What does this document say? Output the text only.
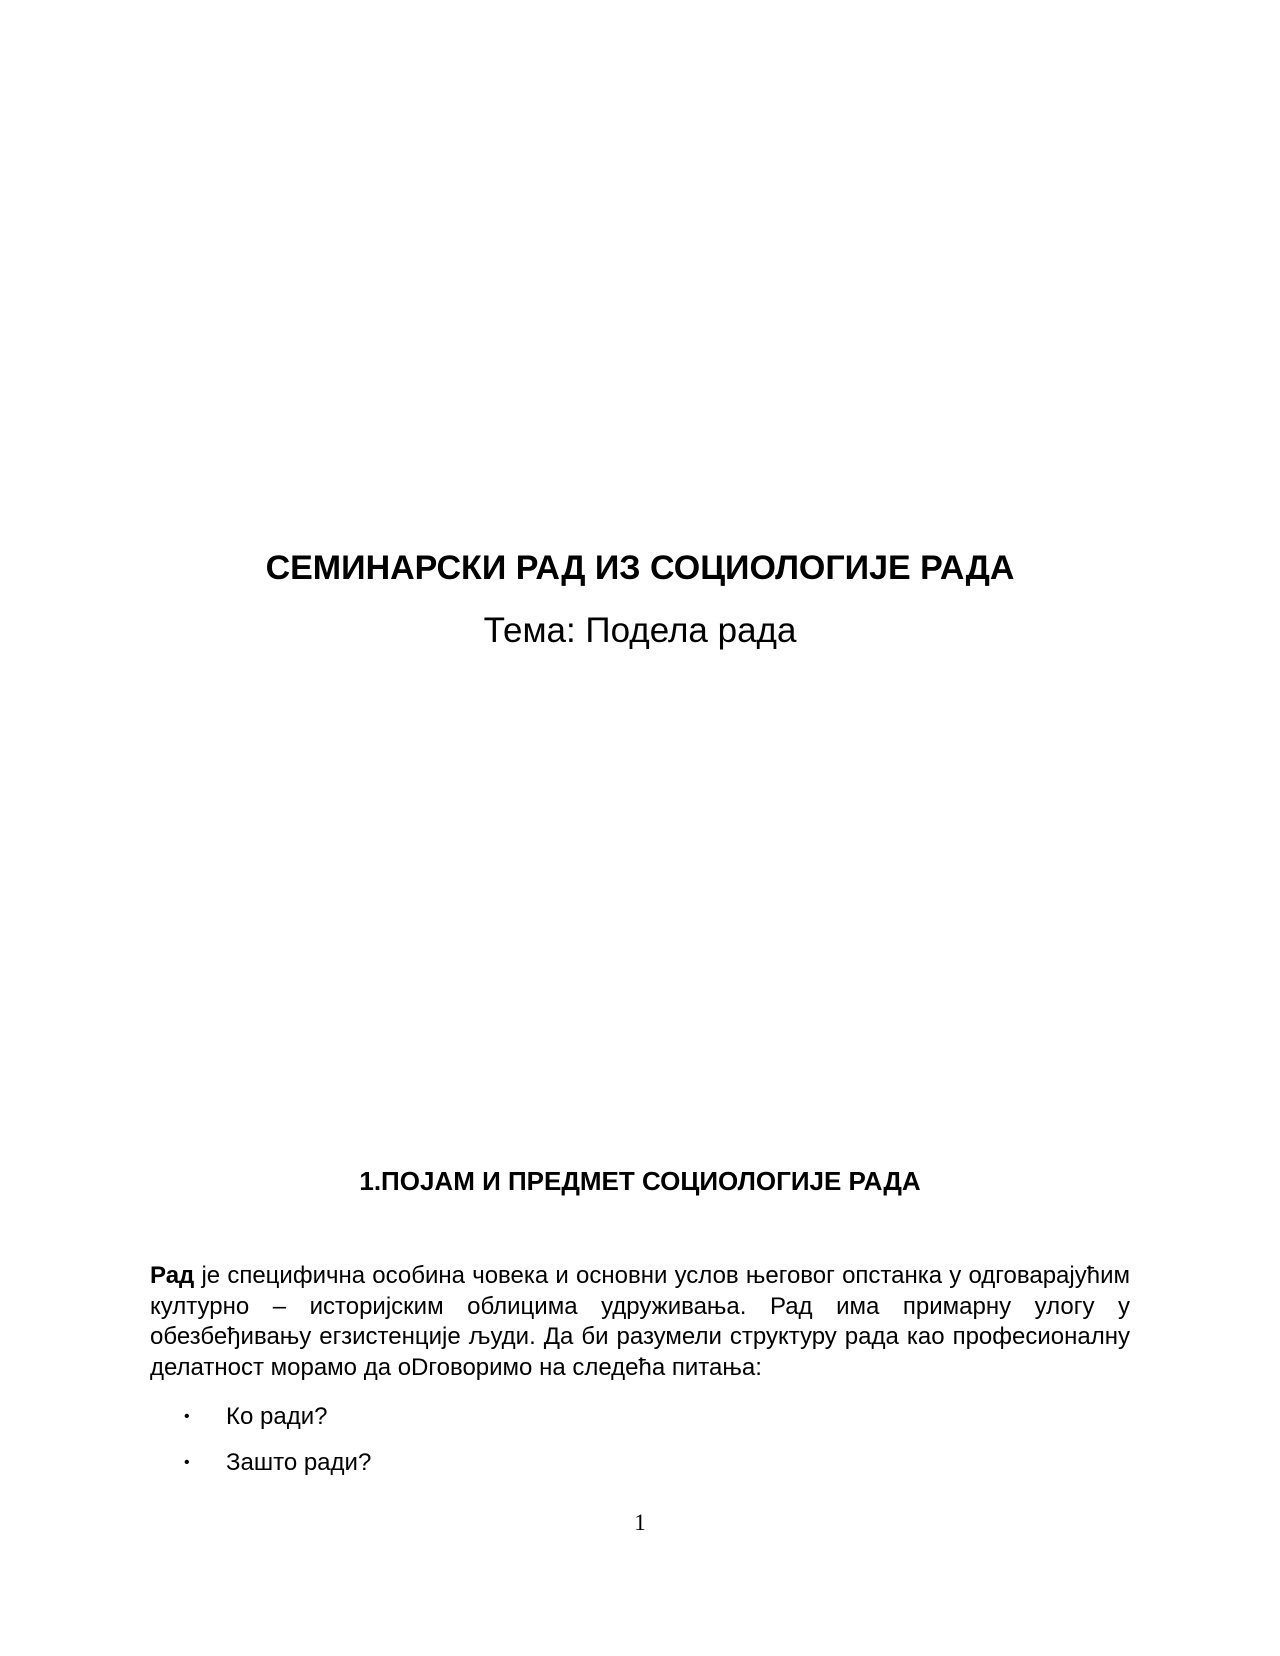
СЕМИНАРСКИ РАД ИЗ СОЦИОЛОГИЈЕ РАДА
Тема: Подела рада
1.ПОЈАМ И ПРЕДМЕТ СОЦИОЛОГИЈЕ РАДА

Рад је специфична особина човека и основни услов његовог опстанка у одговарајућим културно – историјским облицима удруживања. Рад има примарну улогу у обезбеђивању егзистенције људи. Да би разумели структуру рада као професионалну делатност морамо да оDговоримо на следећа питања:

• Ко ради?
• Зашто ради?
1
